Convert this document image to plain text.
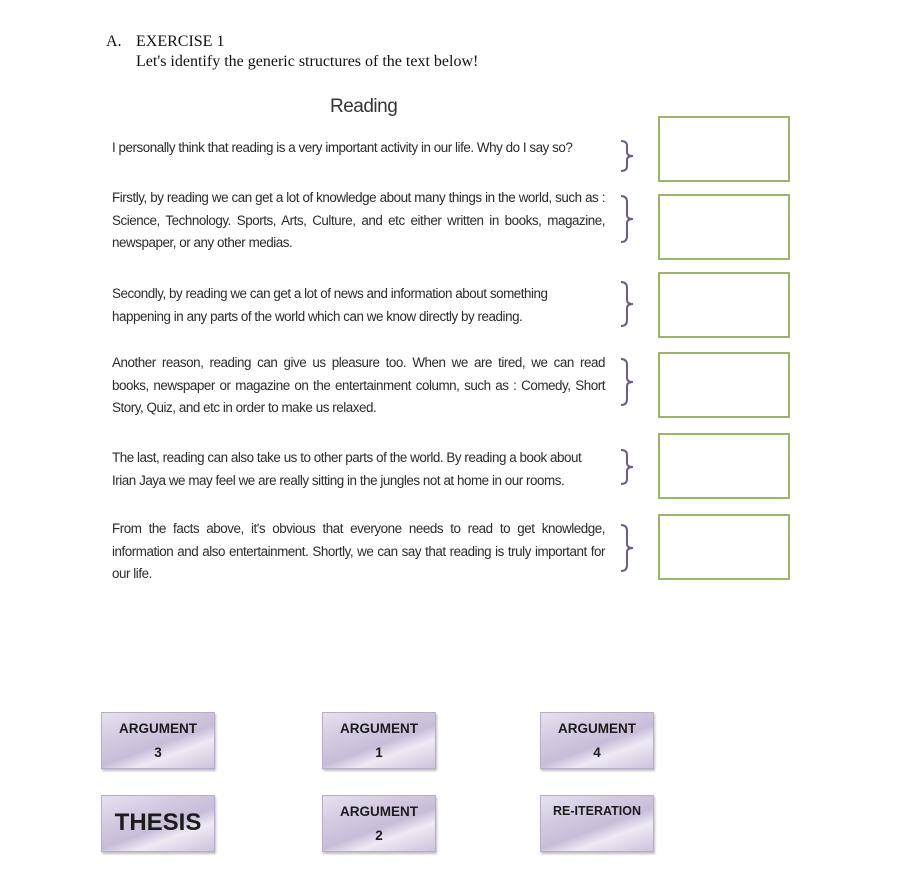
A. EXERCISE 1
Let's identify the generic structures of the text below!
Reading
I personally think that reading is a very important activity in our life. Why do I say so?
Firstly, by reading we can get a lot of knowledge about many things in the world, such as : Science, Technology. Sports, Arts, Culture, and etc either written in books, magazine, newspaper, or any other medias.
Secondly, by reading we can get a lot of news and information about something happening in any parts of the world which can we know directly by reading.
Another reason, reading can give us pleasure too. When we are tired, we can read books, newspaper or magazine on the entertainment column, such as : Comedy, Short Story, Quiz, and etc in order to make us relaxed.
The last, reading can also take us to other parts of the world. By reading a book about Irian Jaya we may feel we are really sitting in the jungles not at home in our rooms.
From the facts above, it's obvious that everyone needs to read to get knowledge, information and also entertainment. Shortly, we can say that reading is truly important for our life.
ARGUMENT
3
ARGUMENT
1
ARGUMENT
4
THESIS	ARGUMENT
2
RE-ITERATION
